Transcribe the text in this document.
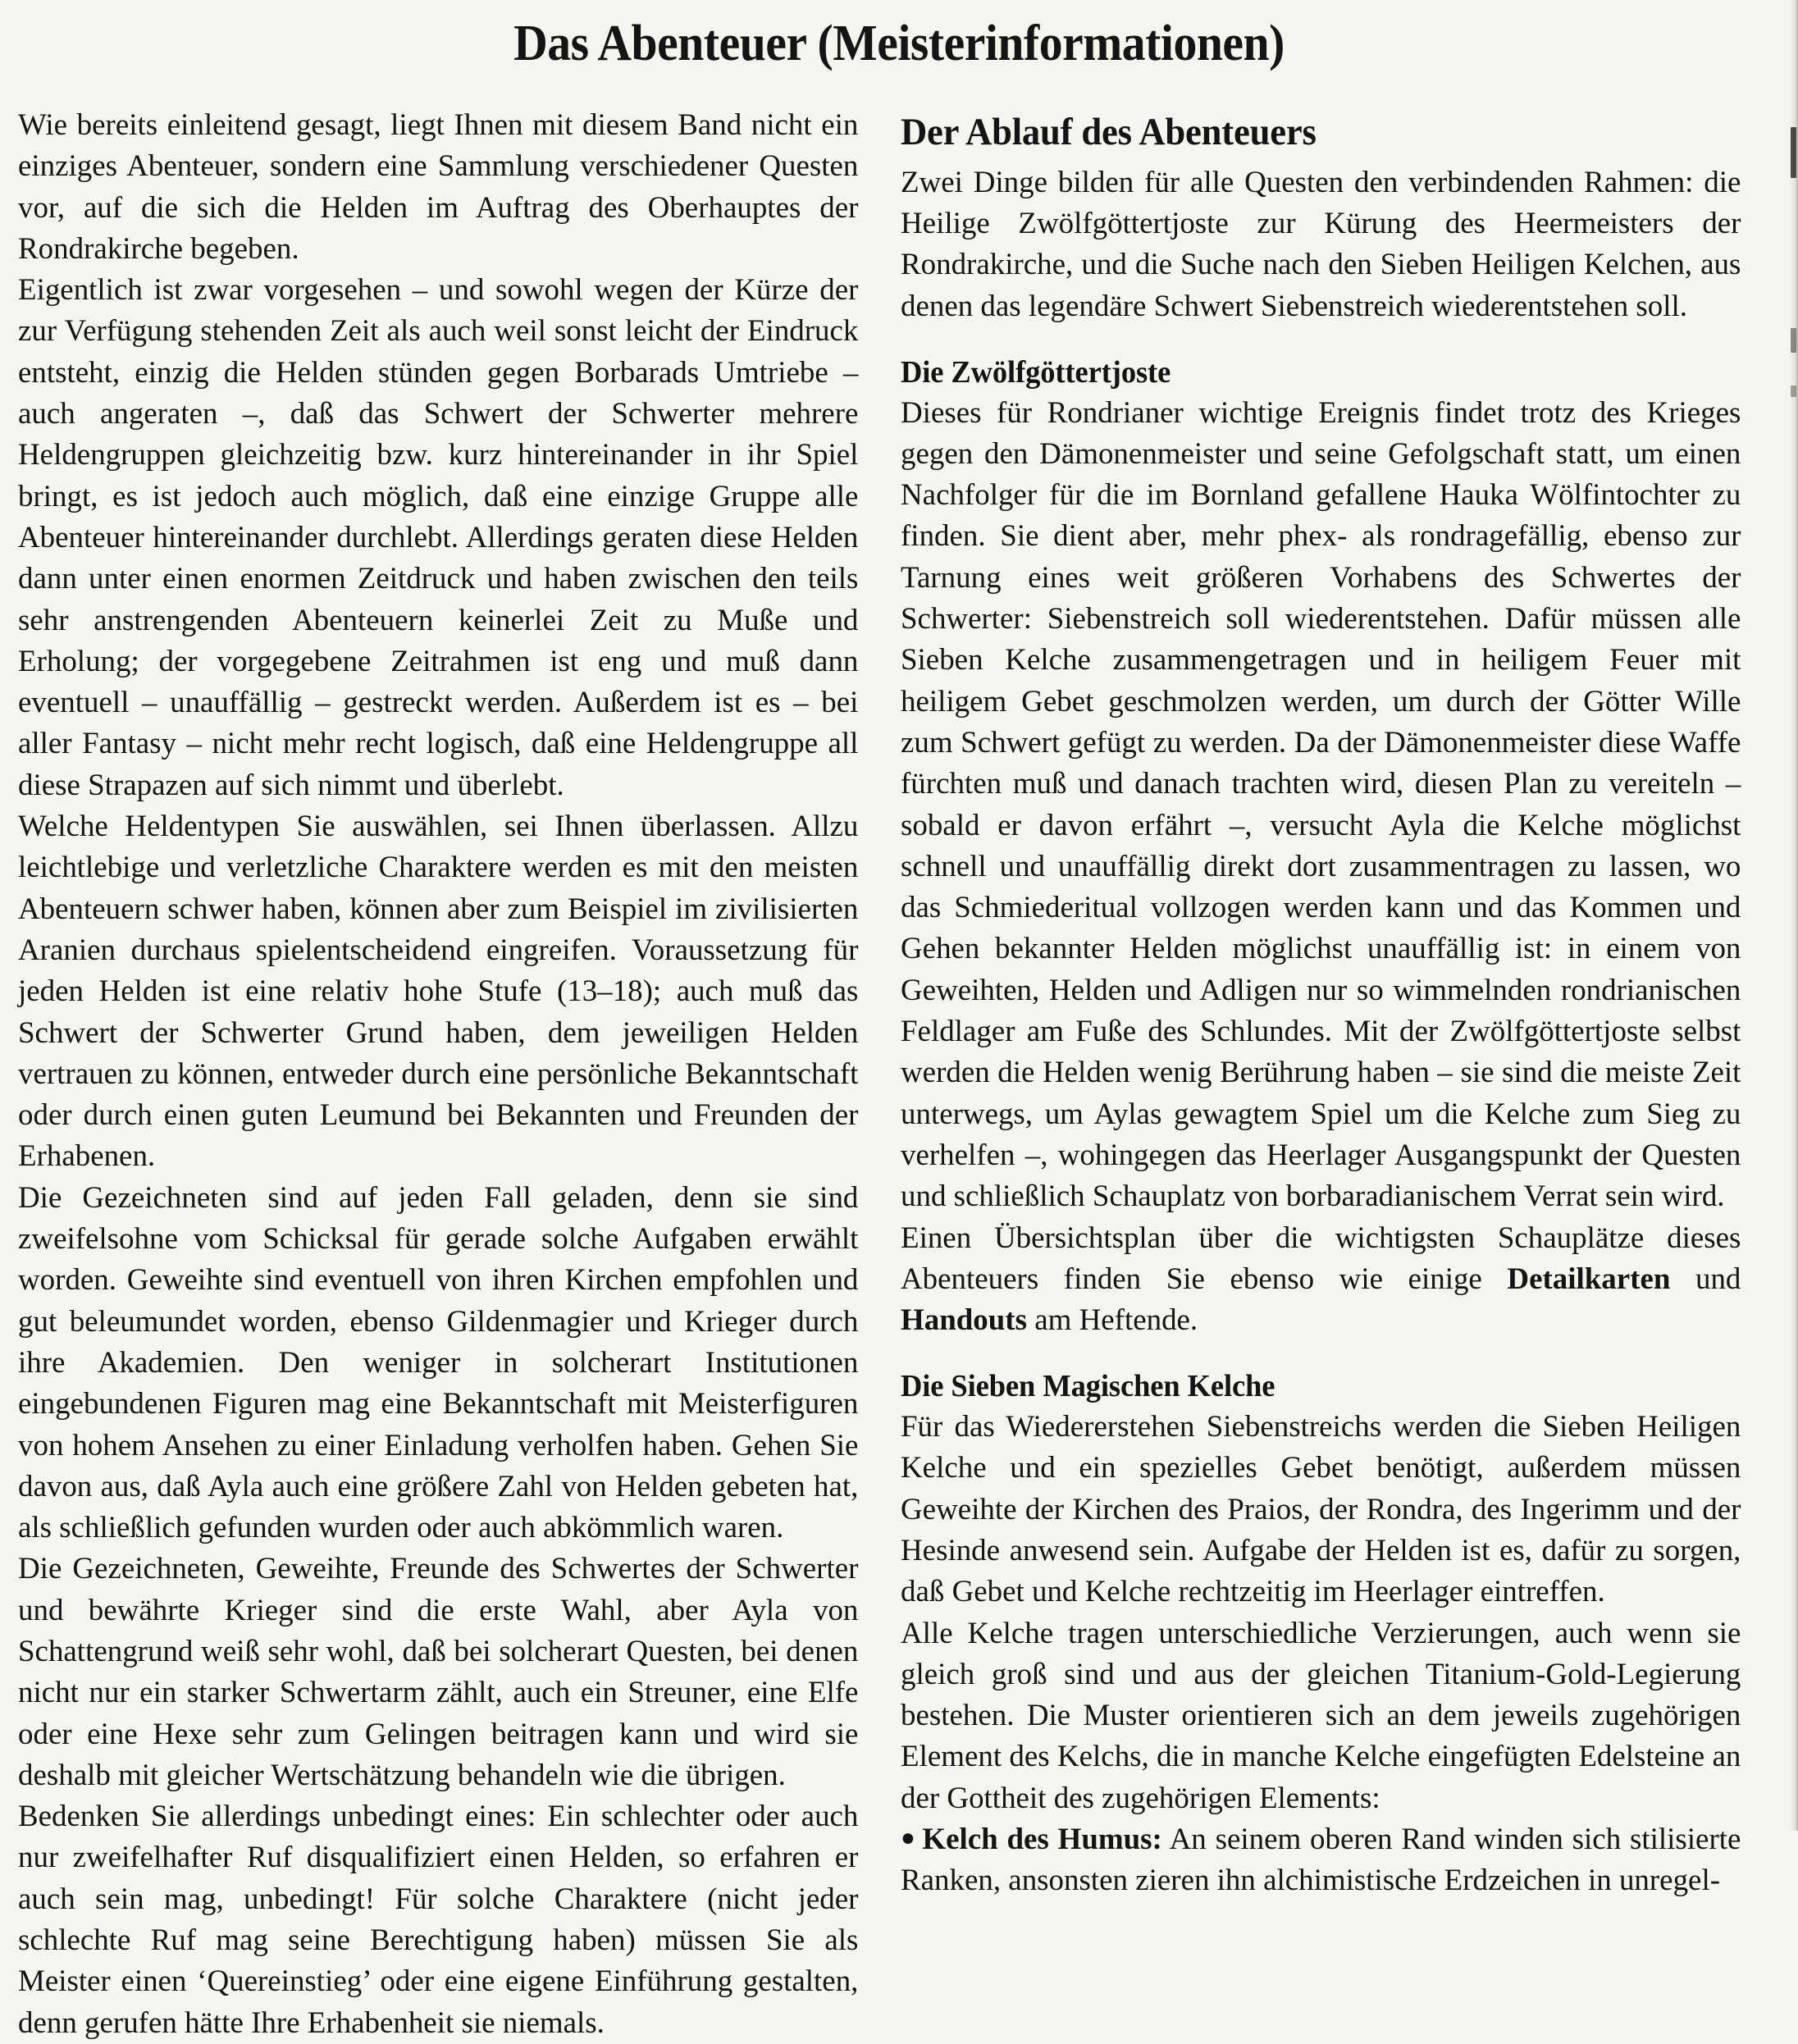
Das Abenteuer (Meisterinformationen)

Wie bereits einleitend gesagt, liegt Ihnen mit diesem Band nicht ein einziges Abenteuer, sondern eine Sammlung verschiedener Questen vor, auf die sich die Helden im Auftrag des Oberhauptes der Rondrakirche begeben.

Eigentlich ist zwar vorgesehen – und sowohl wegen der Kürze der zur Verfügung stehenden Zeit als auch weil sonst leicht der Eindruck entsteht, einzig die Helden stünden gegen Borbarads Umtriebe – auch angeraten –, daß das Schwert der Schwerter mehrere Heldengruppen gleichzeitig bzw. kurz hintereinander in ihr Spiel bringt, es ist jedoch auch möglich, daß eine einzige Gruppe alle Abenteuer hintereinander durchlebt. Allerdings geraten diese Helden dann unter einen enormen Zeitdruck und haben zwischen den teils sehr anstrengenden Abenteuern keinerlei Zeit zu Muße und Erholung; der vorgegebene Zeitrahmen ist eng und muß dann eventuell – unauffällig – gestreckt werden. Außerdem ist es – bei aller Fantasy – nicht mehr recht logisch, daß eine Heldengruppe all diese Strapazen auf sich nimmt und überlebt.

Welche Heldentypen Sie auswählen, sei Ihnen überlassen. Allzu leichtlebige und verletzliche Charaktere werden es mit den meisten Abenteuern schwer haben, können aber zum Beispiel im zivilisierten Aranien durchaus spielentscheidend eingreifen. Voraussetzung für jeden Helden ist eine relativ hohe Stufe (13–18); auch muß das Schwert der Schwerter Grund haben, dem jeweiligen Helden vertrauen zu können, entweder durch eine persönliche Bekanntschaft oder durch einen guten Leumund bei Bekannten und Freunden der Erhabenen.

Die Gezeichneten sind auf jeden Fall geladen, denn sie sind zweifelsohne vom Schicksal für gerade solche Aufgaben erwählt worden. Geweihte sind eventuell von ihren Kirchen empfohlen und gut beleumundet worden, ebenso Gildenmagier und Krieger durch ihre Akademien. Den weniger in solcherart Institutionen eingebundenen Figuren mag eine Bekanntschaft mit Meisterfiguren von hohem Ansehen zu einer Einladung verholfen haben. Gehen Sie davon aus, daß Ayla auch eine größere Zahl von Helden gebeten hat, als schließlich gefunden wurden oder auch abkömmlich waren.

Die Gezeichneten, Geweihte, Freunde des Schwertes der Schwerter und bewährte Krieger sind die erste Wahl, aber Ayla von Schattengrund weiß sehr wohl, daß bei solcherart Questen, bei denen nicht nur ein starker Schwertarm zählt, auch ein Streuner, eine Elfe oder eine Hexe sehr zum Gelingen beitragen kann und wird sie deshalb mit gleicher Wertschätzung behandeln wie die übrigen.

Bedenken Sie allerdings unbedingt eines: Ein schlechter oder auch nur zweifelhafter Ruf disqualifiziert einen Helden, so erfahren er auch sein mag, unbedingt! Für solche Charaktere (nicht jeder schlechte Ruf mag seine Berechtigung haben) müssen Sie als Meister einen ‘Quereinstieg’ oder eine eigene Einführung gestalten, denn gerufen hätte Ihre Erhabenheit sie niemals.

Der Ablauf des Abenteuers

Zwei Dinge bilden für alle Questen den verbindenden Rahmen: die Heilige Zwölfgöttertjoste zur Kürung des Heermeisters der Rondrakirche, und die Suche nach den Sieben Heiligen Kelchen, aus denen das legendäre Schwert Siebenstreich wiederentstehen soll.

Die Zwölfgöttertjoste

Dieses für Rondrianer wichtige Ereignis findet trotz des Krieges gegen den Dämonenmeister und seine Gefolgschaft statt, um einen Nachfolger für die im Bornland gefallene Hauka Wölfintochter zu finden. Sie dient aber, mehr phex- als rondragefällig, ebenso zur Tarnung eines weit größeren Vorhabens des Schwertes der Schwerter: Siebenstreich soll wiederentstehen. Dafür müssen alle Sieben Kelche zusammengetragen und in heiligem Feuer mit heiligem Gebet geschmolzen werden, um durch der Götter Wille zum Schwert gefügt zu werden. Da der Dämonenmeister diese Waffe fürchten muß und danach trachten wird, diesen Plan zu vereiteln – sobald er davon erfährt –, versucht Ayla die Kelche möglichst schnell und unauffällig direkt dort zusammentragen zu lassen, wo das Schmiederitual vollzogen werden kann und das Kommen und Gehen bekannter Helden möglichst unauffällig ist: in einem von Geweihten, Helden und Adligen nur so wimmelnden rondrianischen Feldlager am Fuße des Schlundes. Mit der Zwölfgöttertjoste selbst werden die Helden wenig Berührung haben – sie sind die meiste Zeit unterwegs, um Aylas gewagtem Spiel um die Kelche zum Sieg zu verhelfen –, wohingegen das Heerlager Ausgangspunkt der Questen und schließlich Schauplatz von borbaradianischem Verrat sein wird.

Einen Übersichtsplan über die wichtigsten Schauplätze dieses Abenteuers finden Sie ebenso wie einige Detailkarten und Handouts am Heftende.

Die Sieben Magischen Kelche

Für das Wiedererstehen Siebenstreichs werden die Sieben Heiligen Kelche und ein spezielles Gebet benötigt, außerdem müssen Geweihte der Kirchen des Praios, der Rondra, des Ingerimm und der Hesinde anwesend sein. Aufgabe der Helden ist es, dafür zu sorgen, daß Gebet und Kelche rechtzeitig im Heerlager eintreffen.

Alle Kelche tragen unterschiedliche Verzierungen, auch wenn sie gleich groß sind und aus der gleichen Titanium-Gold-Legierung bestehen. Die Muster orientieren sich an dem jeweils zugehörigen Element des Kelchs, die in manche Kelche eingefügten Edelsteine an der Gottheit des zugehörigen Elements:

● Kelch des Humus: An seinem oberen Rand winden sich stilisierte Ranken, ansonsten zieren ihn alchimistische Erdzeichen in unregel-
